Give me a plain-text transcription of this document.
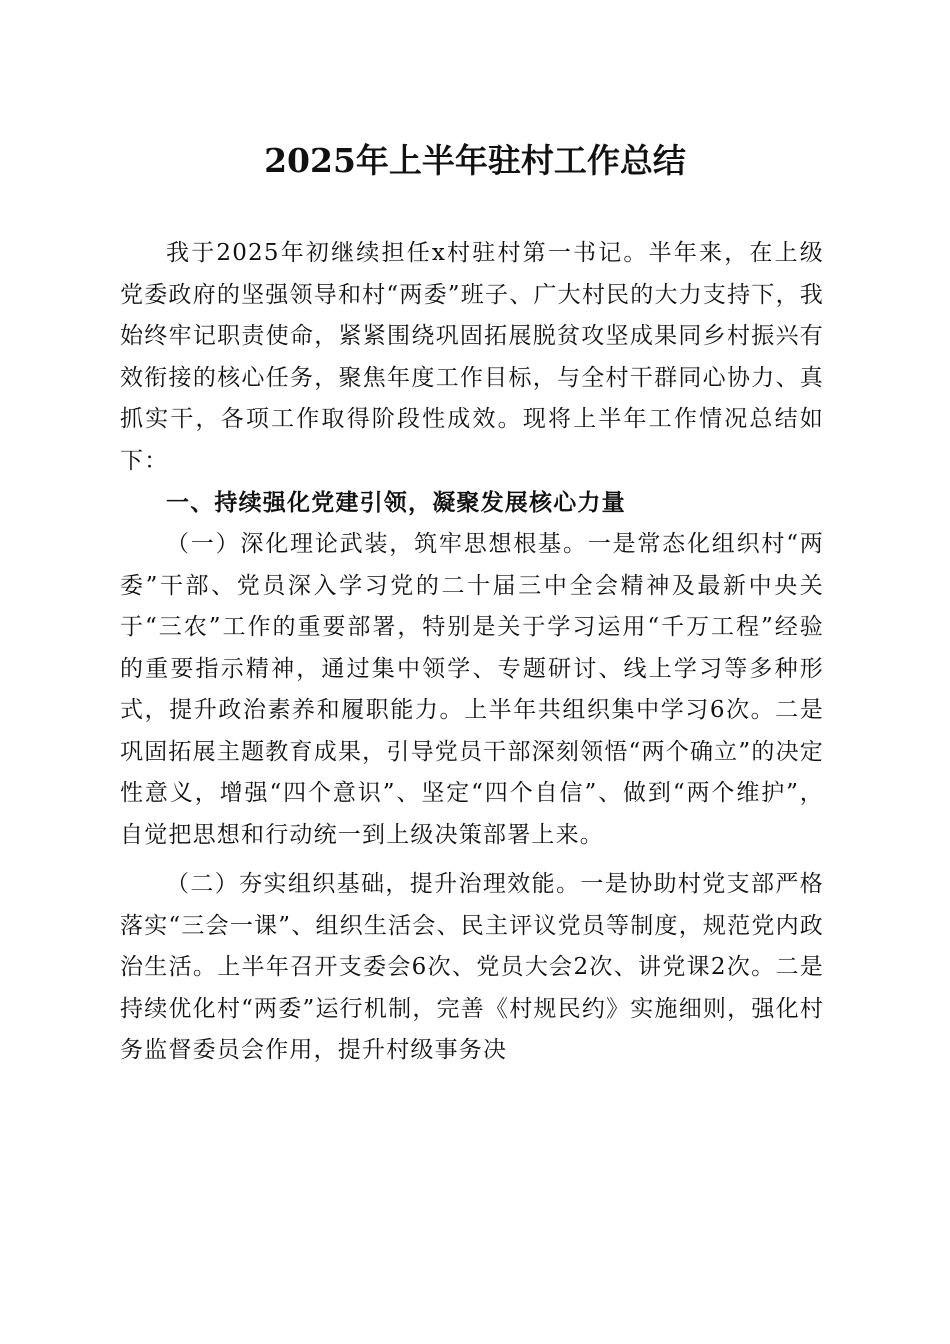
2025年上半年驻村工作总结

我于2025年初继续担任x村驻村第一书记。半年来，在上级党委政府的坚强领导和村“两委”班子、广大村民的大力支持下，我始终牢记职责使命，紧紧围绕巩固拓展脱贫攻坚成果同乡村振兴有效衔接的核心任务，聚焦年度工作目标，与全村干群同心协力、真抓实干，各项工作取得阶段性成效。现将上半年工作情况总结如下：

一、持续强化党建引领，凝聚发展核心力量

（一）深化理论武装，筑牢思想根基。一是常态化组织村“两委”干部、党员深入学习党的二十届三中全会精神及最新中央关于“三农”工作的重要部署，特别是关于学习运用“千万工程”经验的重要指示精神，通过集中领学、专题研讨、线上学习等多种形式，提升政治素养和履职能力。上半年共组织集中学习6次。二是巩固拓展主题教育成果，引导党员干部深刻领悟“两个确立”的决定性意义，增强“四个意识”、坚定“四个自信”、做到“两个维护”，自觉把思想和行动统一到上级决策部署上来。

（二）夯实组织基础，提升治理效能。一是协助村党支部严格落实“三会一课”、组织生活会、民主评议党员等制度，规范党内政治生活。上半年召开支委会6次、党员大会2次、讲党课2次。二是持续优化村“两委”运行机制，完善《村规民约》实施细则，强化村务监督委员会作用，提升村级事务决
